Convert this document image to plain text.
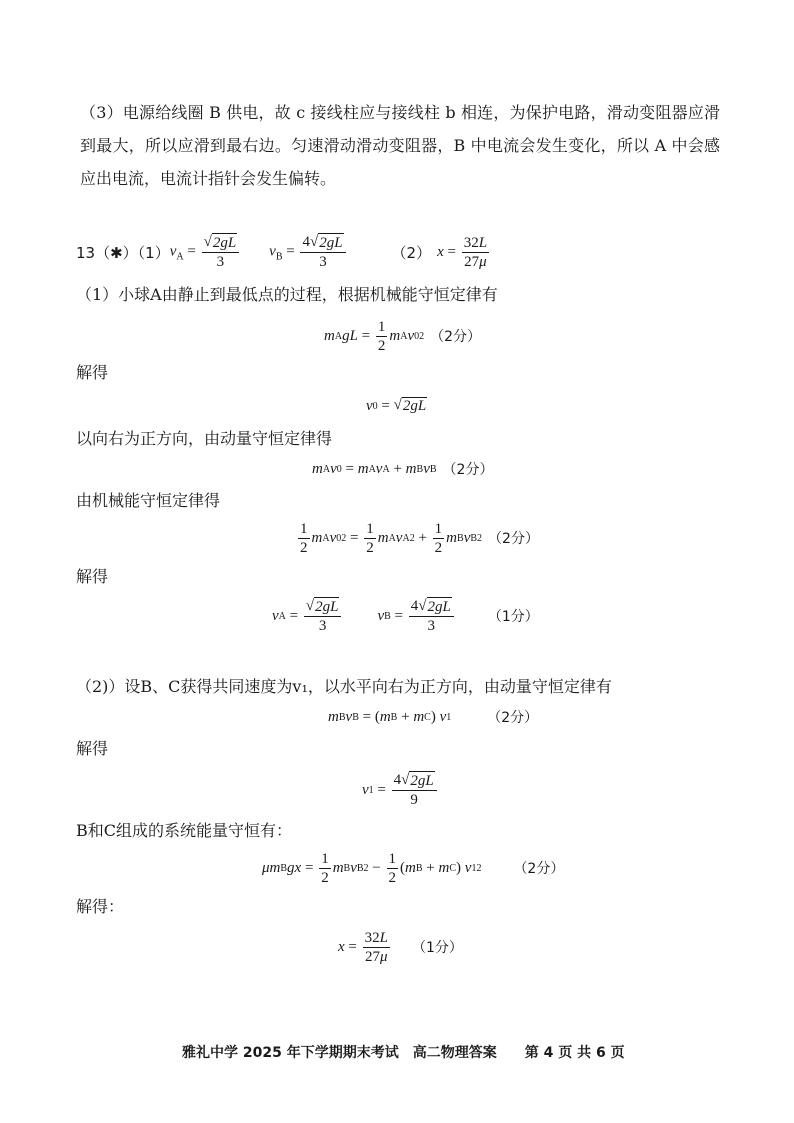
（3）电源给线圈 B 供电，故 c 接线柱应与接线柱 b 相连，为保护电路，滑动变阻器应滑到最大，所以应滑到最右边。匀速滑动滑动变阻器，B 中电流会发生变化，所以 A 中会感应出电流，电流计指针会发生偏转。
13（✱）（1） $v_A = \frac{√ 2gL}{3} v_B = \frac{4√ 2gL}{3}$	（2） $x = \frac{32L}{27\mu}$
（1）小球A由静止到最低点的过程，根据机械能守恒定律有
m A gL = $\frac{1}{2}$ m A v 0 2 （2分）
解得
v 0 = √ 2gL
以向右为正方向，由动量守恒定律得
m A v 0 = m A v A + m B v B （2分）
由机械能守恒定律得
$\frac{1}{2}$ m A v 0 $2 = \frac{1}{2}$ m A v A $2 + \frac{1}{2}$ m B v B 2 （2分）
解得
v $A = \frac{√ 2gL}{3}$ v $B = \frac{4√ 2gL}{3} (1$分）
（2)）设B、C获得共同速度为v₁，以水平向右为正方向，由动量守恒定律有
m B v B = ( m B + m C ) v 1	（2分）
解得
v $1 = \frac{4√ 2gL}{9}$
B和C组成的系统能量守恒有：
μm B gx = $\frac{1}{2}$ m B v B $2 - \frac{1}{2}$ ( m B + m C ) v 1 2 （2分）
解得：
$x = \frac{32L}{27\mu} (1$分）
雅礼中学 2025 年下学期期末考试　高二物理答案　　第 4 页 共 6 页
